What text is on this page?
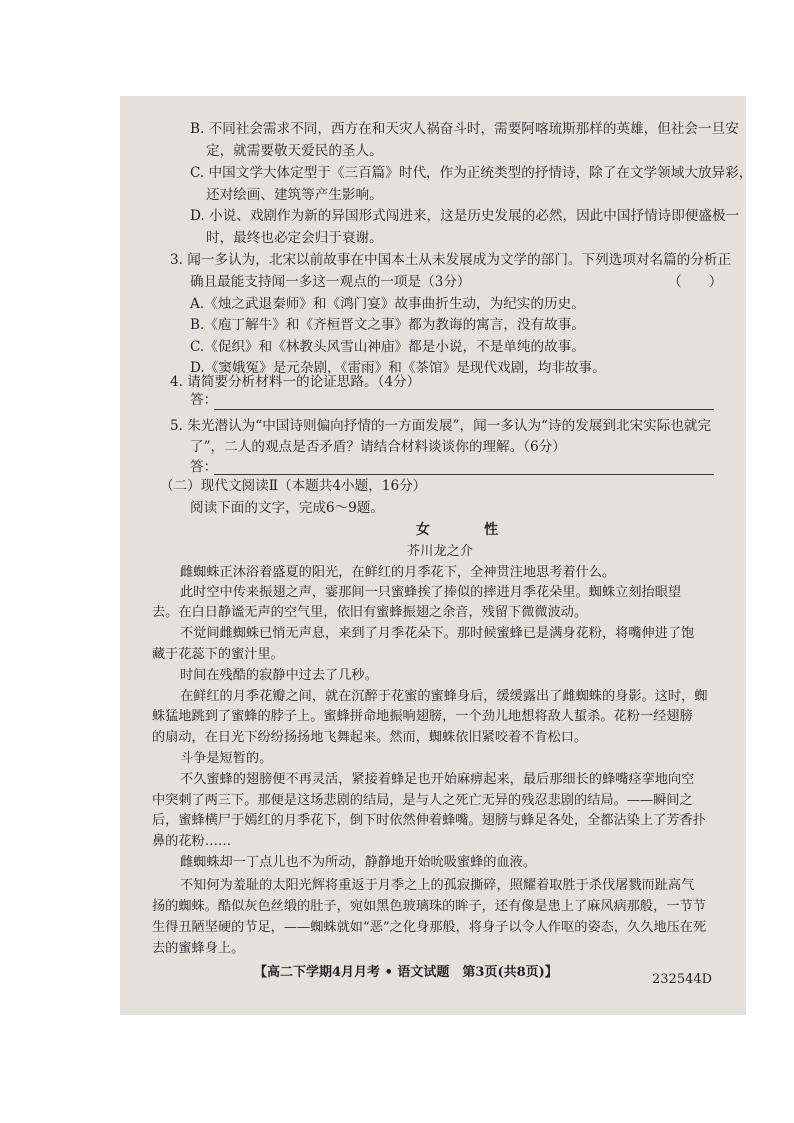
B. 不同社会需求不同，西方在和天灾人祸奋斗时，需要阿喀琉斯那样的英雄，但社会一旦安
定，就需要敬天爱民的圣人。
C. 中国文学大体定型于《三百篇》时代，作为正统类型的抒情诗，除了在文学领域大放异彩，
还对绘画、建筑等产生影响。
D. 小说、戏剧作为新的异国形式闯进来，这是历史发展的必然，因此中国抒情诗即便盛极一
时，最终也必定会归于衰谢。
3. 闻一多认为，北宋以前故事在中国本土从未发展成为文学的部门。下列选项对名篇的分析正
确且最能支持闻一多这一观点的一项是（3分）	（　　）
A.《烛之武退秦师》和《鸿门宴》故事曲折生动，为纪实的历史。
B.《庖丁解牛》和《齐桓晋文之事》都为教诲的寓言，没有故事。
C.《促织》和《林教头风雪山神庙》都是小说，不是单纯的故事。
D.《窦娥冤》是元杂剧，《雷雨》和《茶馆》是现代戏剧，均非故事。
4. 请简要分析材料一的论证思路。（4分）
答：
5. 朱光潜认为“中国诗则偏向抒情的一方面发展”，闻一多认为“诗的发展到北宋实际也就完
了”，二人的观点是否矛盾？请结合材料谈谈你的理解。（6分）
答：
（二）现代文阅读Ⅱ（本题共4小题，16分）
阅读下面的文字，完成6～9题。
女　性
芥川龙之介
雌蜘蛛正沐浴着盛夏的阳光，在鲜红的月季花下，全神贯注地思考着什么。
此时空中传来振翅之声，霎那间一只蜜蜂挨了捧似的摔进月季花朵里。蜘蛛立刻抬眼望
去。在白日静谧无声的空气里，依旧有蜜蜂振翅之余音，残留下微微波动。
不觉间雌蜘蛛已悄无声息，来到了月季花朵下。那时候蜜蜂已是满身花粉，将嘴伸进了饱
藏于花蕊下的蜜汁里。
时间在残酷的寂静中过去了几秒。
在鲜红的月季花瓣之间，就在沉醉于花蜜的蜜蜂身后，缓缓露出了雌蜘蛛的身影。这时，蜘
蛛猛地跳到了蜜蜂的脖子上。蜜蜂拼命地振响翅膀，一个劲儿地想将敌人蜇杀。花粉一经翅膀
的扇动，在日光下纷纷扬扬地飞舞起来。然而，蜘蛛依旧紧咬着不肯松口。
斗争是短暂的。
不久蜜蜂的翅膀便不再灵活，紧接着蜂足也开始麻痹起来，最后那细长的蜂嘴痉挛地向空
中突刺了两三下。那便是这场悲剧的结局，是与人之死亡无异的残忍悲剧的结局。——瞬间之
后，蜜蜂横尸于嫣红的月季花下，倒下时依然伸着蜂嘴。翅膀与蜂足各处，全都沾染上了芳香扑
鼻的花粉……
雌蜘蛛却一丁点儿也不为所动，静静地开始吮吸蜜蜂的血液。
不知何为羞耻的太阳光辉将重返于月季之上的孤寂撕碎，照耀着取胜于杀伐屠戮而趾高气
扬的蜘蛛。酷似灰色丝缎的肚子，宛如黑色玻璃珠的眸子，还有像是患上了麻风病那般，一节节
生得丑陋坚硬的节足，——蜘蛛就如“恶”之化身那般，将身子以令人作呕的姿态，久久地压在死
去的蜜蜂身上。
【高二下学期4月月考 • 语文试题　第3页(共8页)】	232544D
